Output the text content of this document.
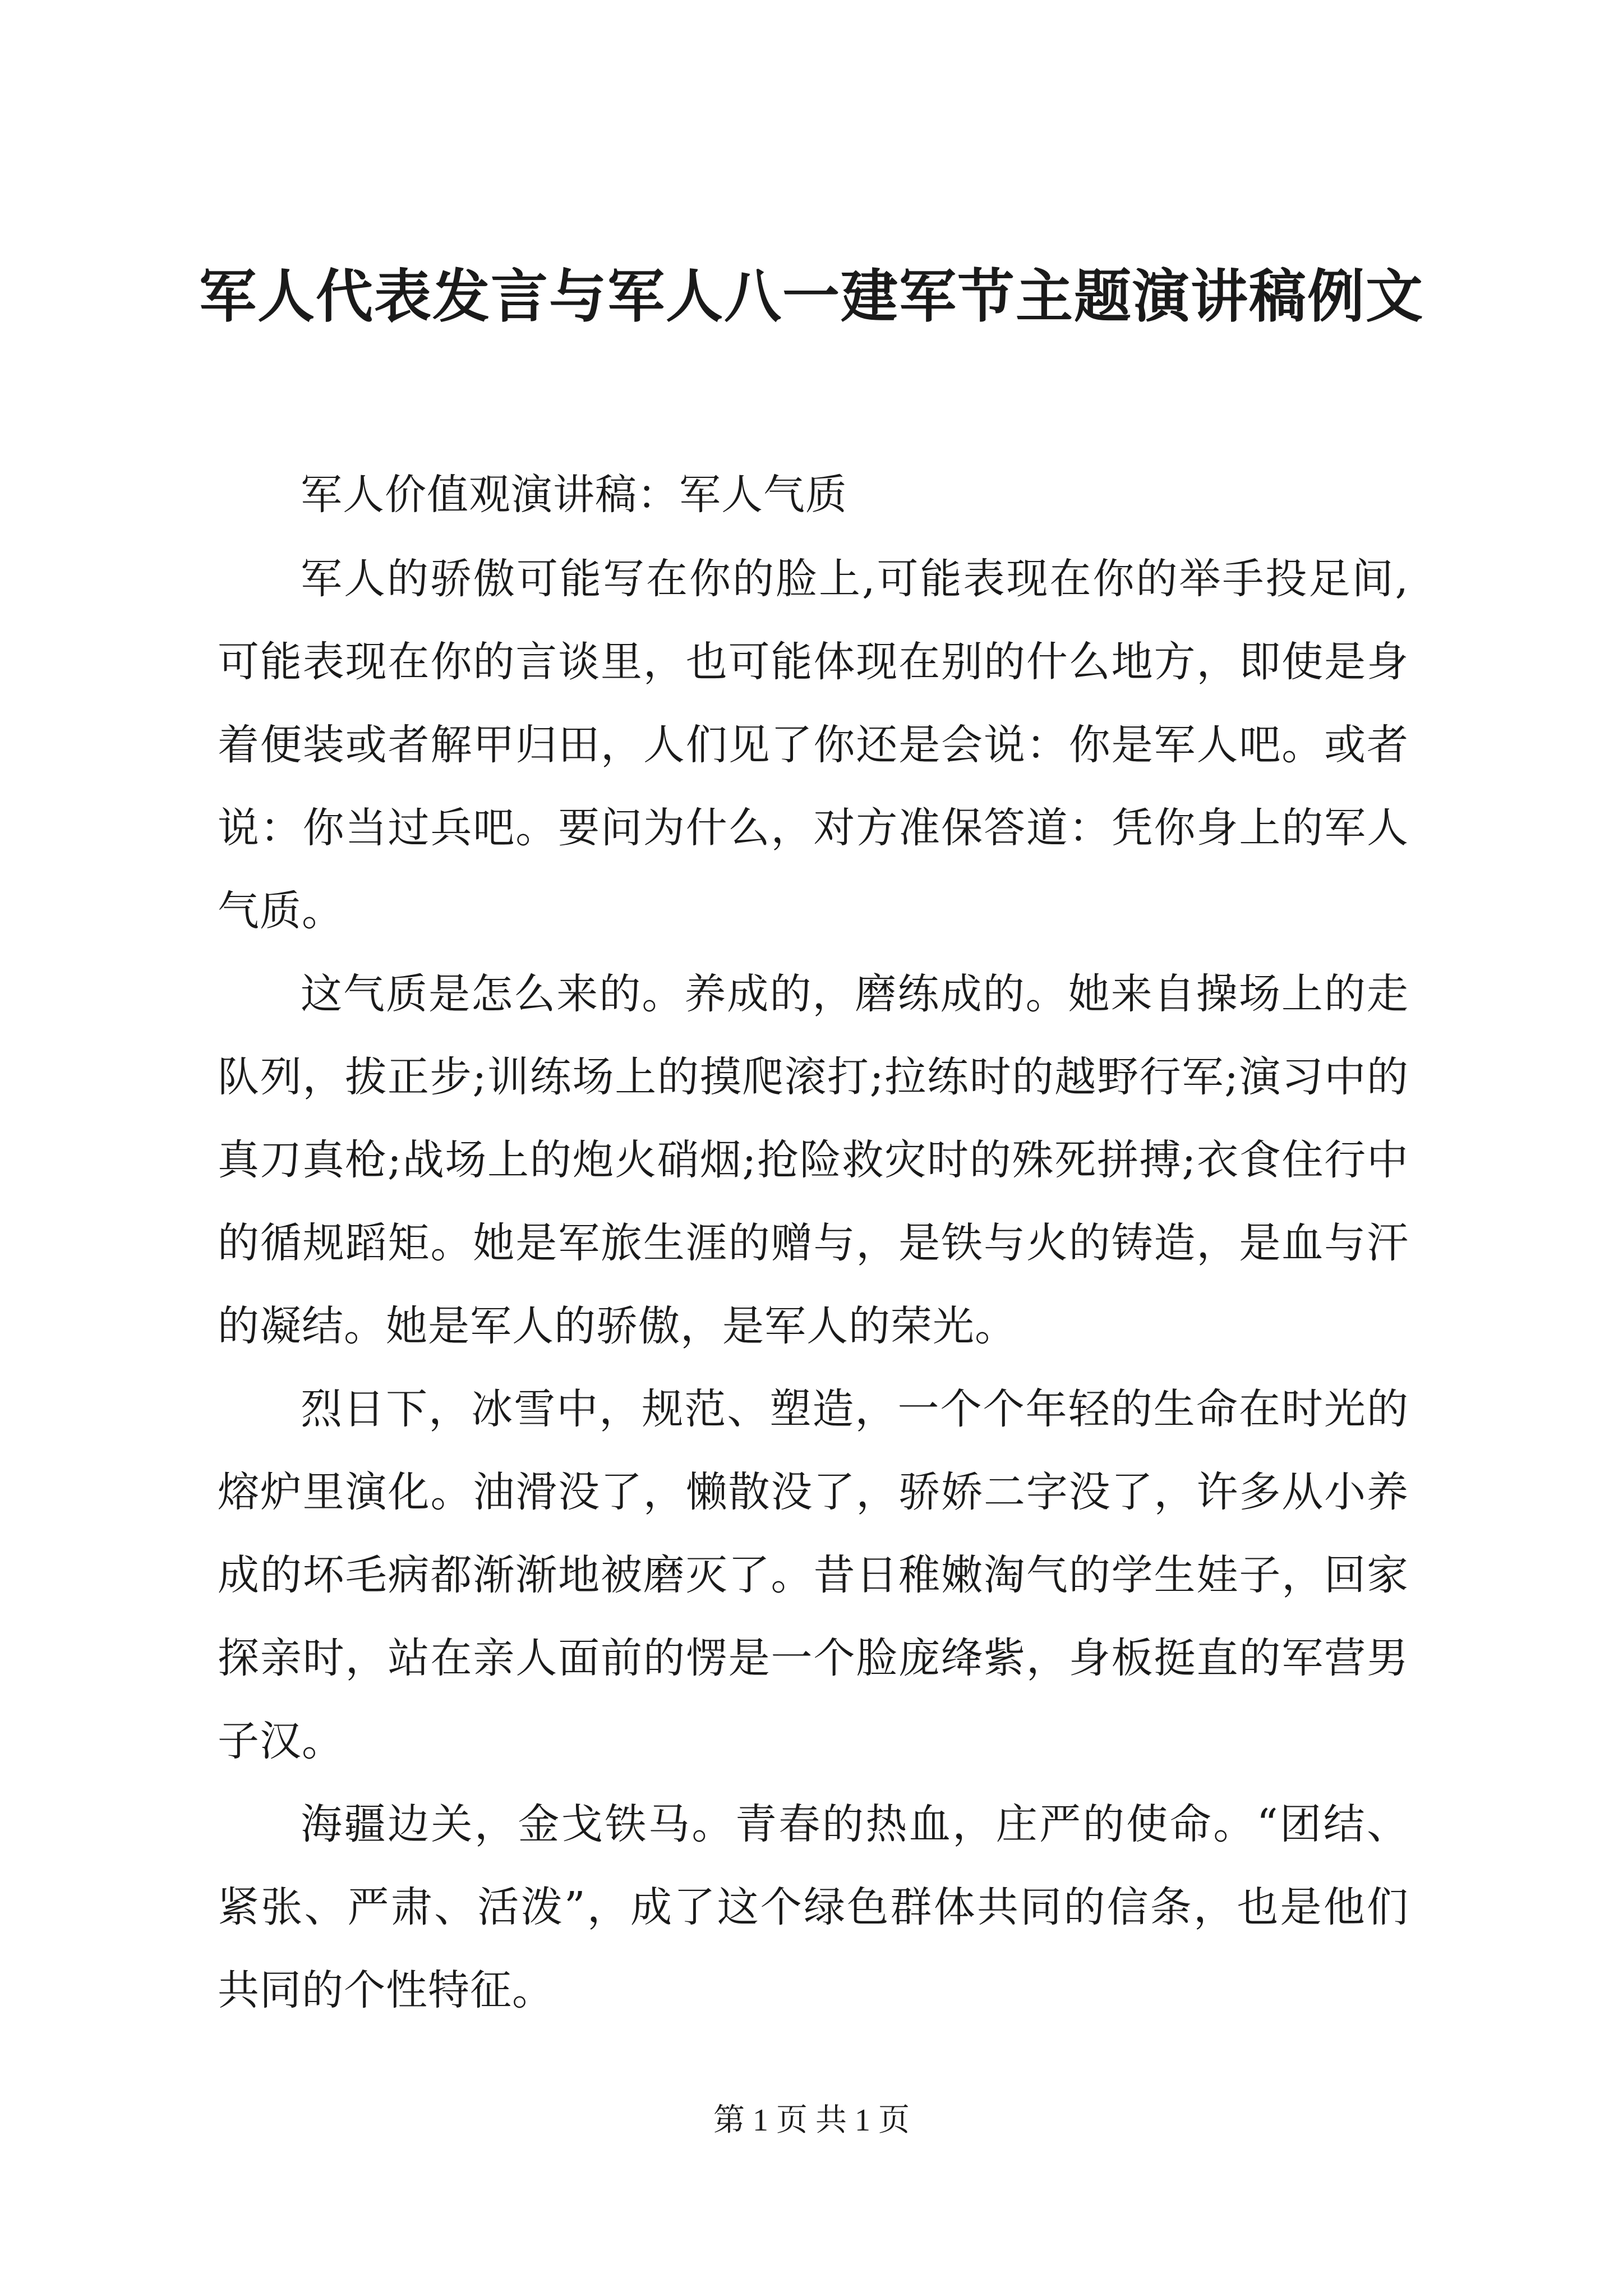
军人代表发言与军人八一建军节主题演讲稿例文

军人价值观演讲稿：军人气质

军人的骄傲可能写在你的脸上,可能表现在你的举手投足间,可能表现在你的言谈里，也可能体现在别的什么地方，即使是身着便装或者解甲归田，人们见了你还是会说：你是军人吧。或者说：你当过兵吧。要问为什么，对方准保答道：凭你身上的军人气质。

这气质是怎么来的。养成的，磨练成的。她来自操场上的走队列，拔正步;训练场上的摸爬滚打;拉练时的越野行军;演习中的真刀真枪;战场上的炮火硝烟;抢险救灾时的殊死拼搏;衣食住行中的循规蹈矩。她是军旅生涯的赠与，是铁与火的铸造，是血与汗的凝结。她是军人的骄傲，是军人的荣光。

烈日下，冰雪中，规范、塑造，一个个年轻的生命在时光的熔炉里演化。油滑没了，懒散没了，骄娇二字没了，许多从小养成的坏毛病都渐渐地被磨灭了。昔日稚嫩淘气的学生娃子，回家探亲时，站在亲人面前的愣是一个脸庞绛紫，身板挺直的军营男子汉。

海疆边关，金戈铁马。青春的热血，庄严的使命。“团结、紧张、严肃、活泼”，成了这个绿色群体共同的信条，也是他们共同的个性特征。

第 1 页 共 1 页
